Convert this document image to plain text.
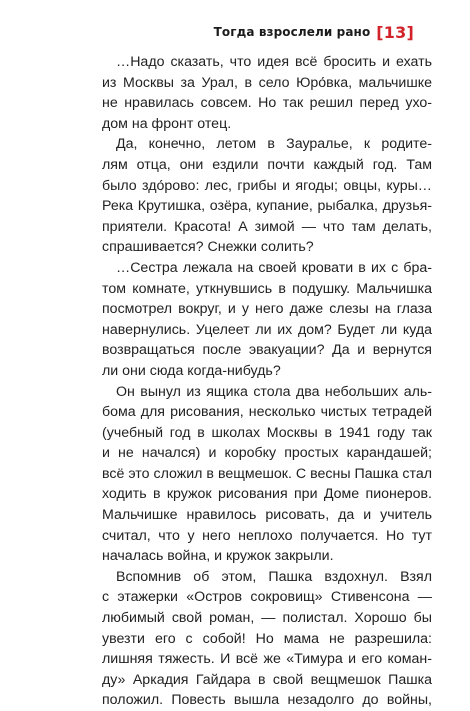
Тогда взрослели рано [13]
…Надо сказать, что идея всё бросить и ехать
из Москвы за Урал, в село Юро́вка, мальчишке
не нравилась совсем. Но так решил перед ухо-
дом на фронт отец.
Да, конечно, летом в Зауралье, к родите-
лям отца, они ездили почти каждый год. Там
было здо́рово: лес, грибы и ягоды; овцы, куры…
Река Крутишка, озёра, купание, рыбалка, друзья-
приятели. Красота! А зимой — что там делать,
спрашивается? Снежки солить?
…Сестра лежала на своей кровати в их с бра-
том комнате, уткнувшись в подушку. Мальчишка
посмотрел вокруг, и у него даже слезы на глаза
навернулись. Уцелеет ли их дом? Будет ли куда
возвращаться после эвакуации? Да и вернутся
ли они сюда когда-нибудь?
Он вынул из ящика стола два небольших аль-
бома для рисования, несколько чистых тетрадей
(учебный год в школах Москвы в 1941 году так
и не начался) и коробку простых карандашей;
всё это сложил в вещмешок. С весны Пашка стал
ходить в кружок рисования при Доме пионеров.
Мальчишке нравилось рисовать, да и учитель
считал, что у него неплохо получается. Но тут
началась война, и кружок закрыли.
Вспомнив об этом, Пашка вздохнул. Взял
с этажерки «Остров сокровищ» Стивенсона —
любимый свой роман, — полистал. Хорошо бы
увезти его с собой! Но мама не разрешила:
лишняя тяжесть. И всё же «Тимура и его коман-
ду» Аркадия Гайдара в свой вещмешок Пашка
положил. Повесть вышла незадолго до войны,
